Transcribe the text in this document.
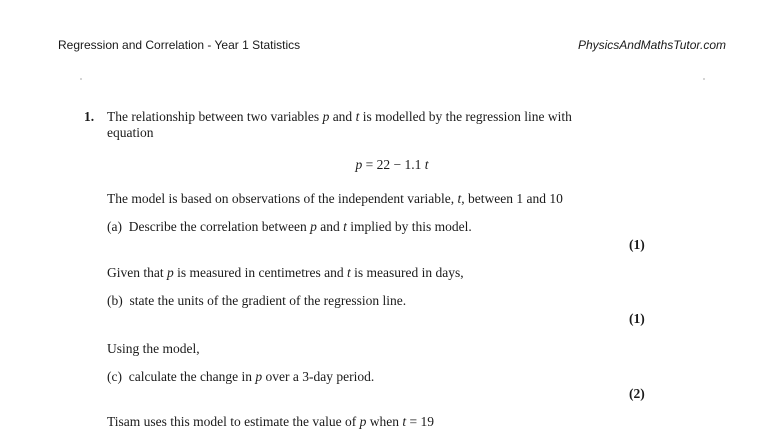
Regression and Correlation - Year 1 Statistics	PhysicsAndMathsTutor.com
1. The relationship between two variables p and t is modelled by the regression line with
equation
p = 22 − 1.1 t
The model is based on observations of the independent variable, t, between 1 and 10
(a)  Describe the correlation between p and t implied by this model.
(1)
Given that p is measured in centimetres and t is measured in days,
(b)  state the units of the gradient of the regression line.
(1)
Using the model,
(c)  calculate the change in p over a 3-day period.
(2)
Tisam uses this model to estimate the value of p when t = 19
